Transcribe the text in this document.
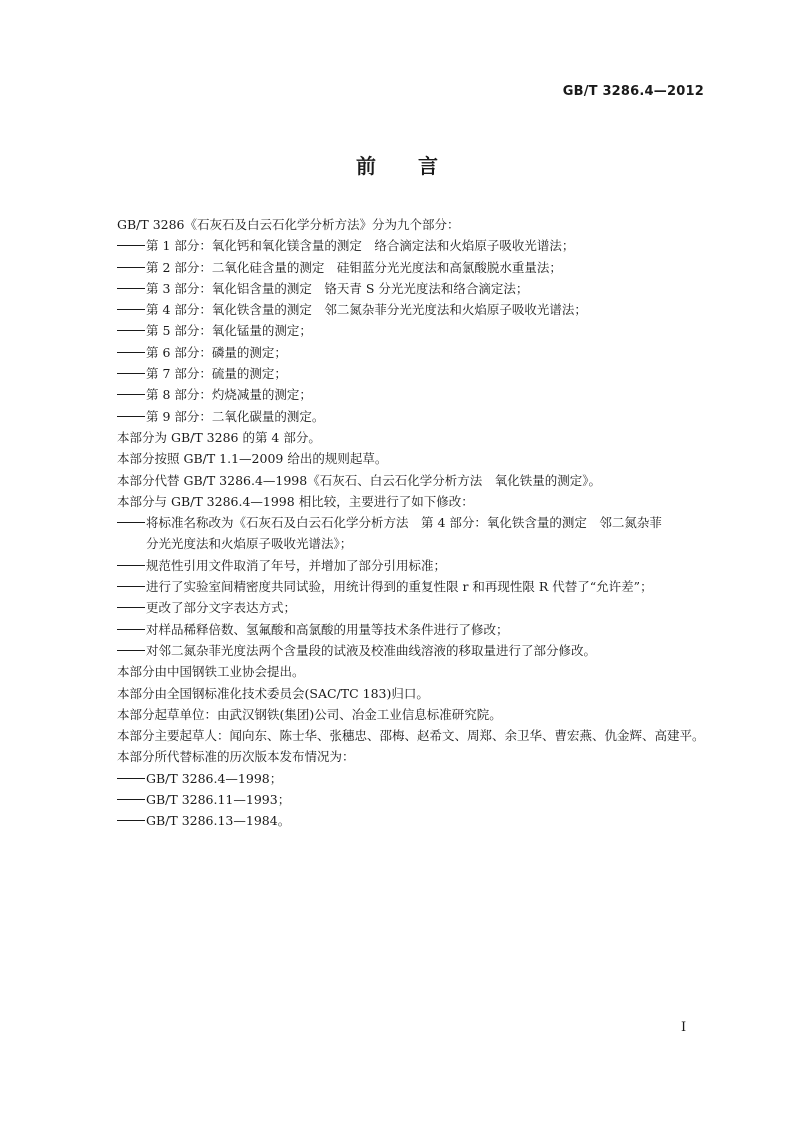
GB/T 3286.4—2012
前言
GB/T 3286《石灰石及白云石化学分析方法》分为九个部分：
第 1 部分：氧化钙和氧化镁含量的测定　络合滴定法和火焰原子吸收光谱法；
第 2 部分：二氧化硅含量的测定　硅钼蓝分光光度法和高氯酸脱水重量法；
第 3 部分：氧化铝含量的测定　铬天青 S 分光光度法和络合滴定法；
第 4 部分：氧化铁含量的测定　邻二氮杂菲分光光度法和火焰原子吸收光谱法；
第 5 部分：氧化锰量的测定；
第 6 部分：磷量的测定；
第 7 部分：硫量的测定；
第 8 部分：灼烧减量的测定；
第 9 部分：二氧化碳量的测定。
本部分为 GB/T 3286 的第 4 部分。
本部分按照 GB/T 1.1—2009 给出的规则起草。
本部分代替 GB/T 3286.4—1998《石灰石、白云石化学分析方法　氧化铁量的测定》。
本部分与 GB/T 3286.4—1998 相比较，主要进行了如下修改：
将标准名称改为《石灰石及白云石化学分析方法　第 4 部分：氧化铁含量的测定　邻二氮杂菲
分光光度法和火焰原子吸收光谱法》；
规范性引用文件取消了年号，并增加了部分引用标准；
进行了实验室间精密度共同试验，用统计得到的重复性限 r 和再现性限 R 代替了“允许差”；
更改了部分文字表达方式；
对样品稀释倍数、氢氟酸和高氯酸的用量等技术条件进行了修改；
对邻二氮杂菲光度法两个含量段的试液及校准曲线溶液的移取量进行了部分修改。
本部分由中国钢铁工业协会提出。
本部分由全国钢标准化技术委员会(SAC/TC 183)归口。
本部分起草单位：由武汉钢铁(集团)公司、冶金工业信息标准研究院。
本部分主要起草人：闻向东、陈士华、张穗忠、邵梅、赵希文、周郑、余卫华、曹宏燕、仇金辉、高建平。
本部分所代替标准的历次版本发布情况为：
GB/T 3286.4—1998；
GB/T 3286.11—1993；
GB/T 3286.13—1984。
I
